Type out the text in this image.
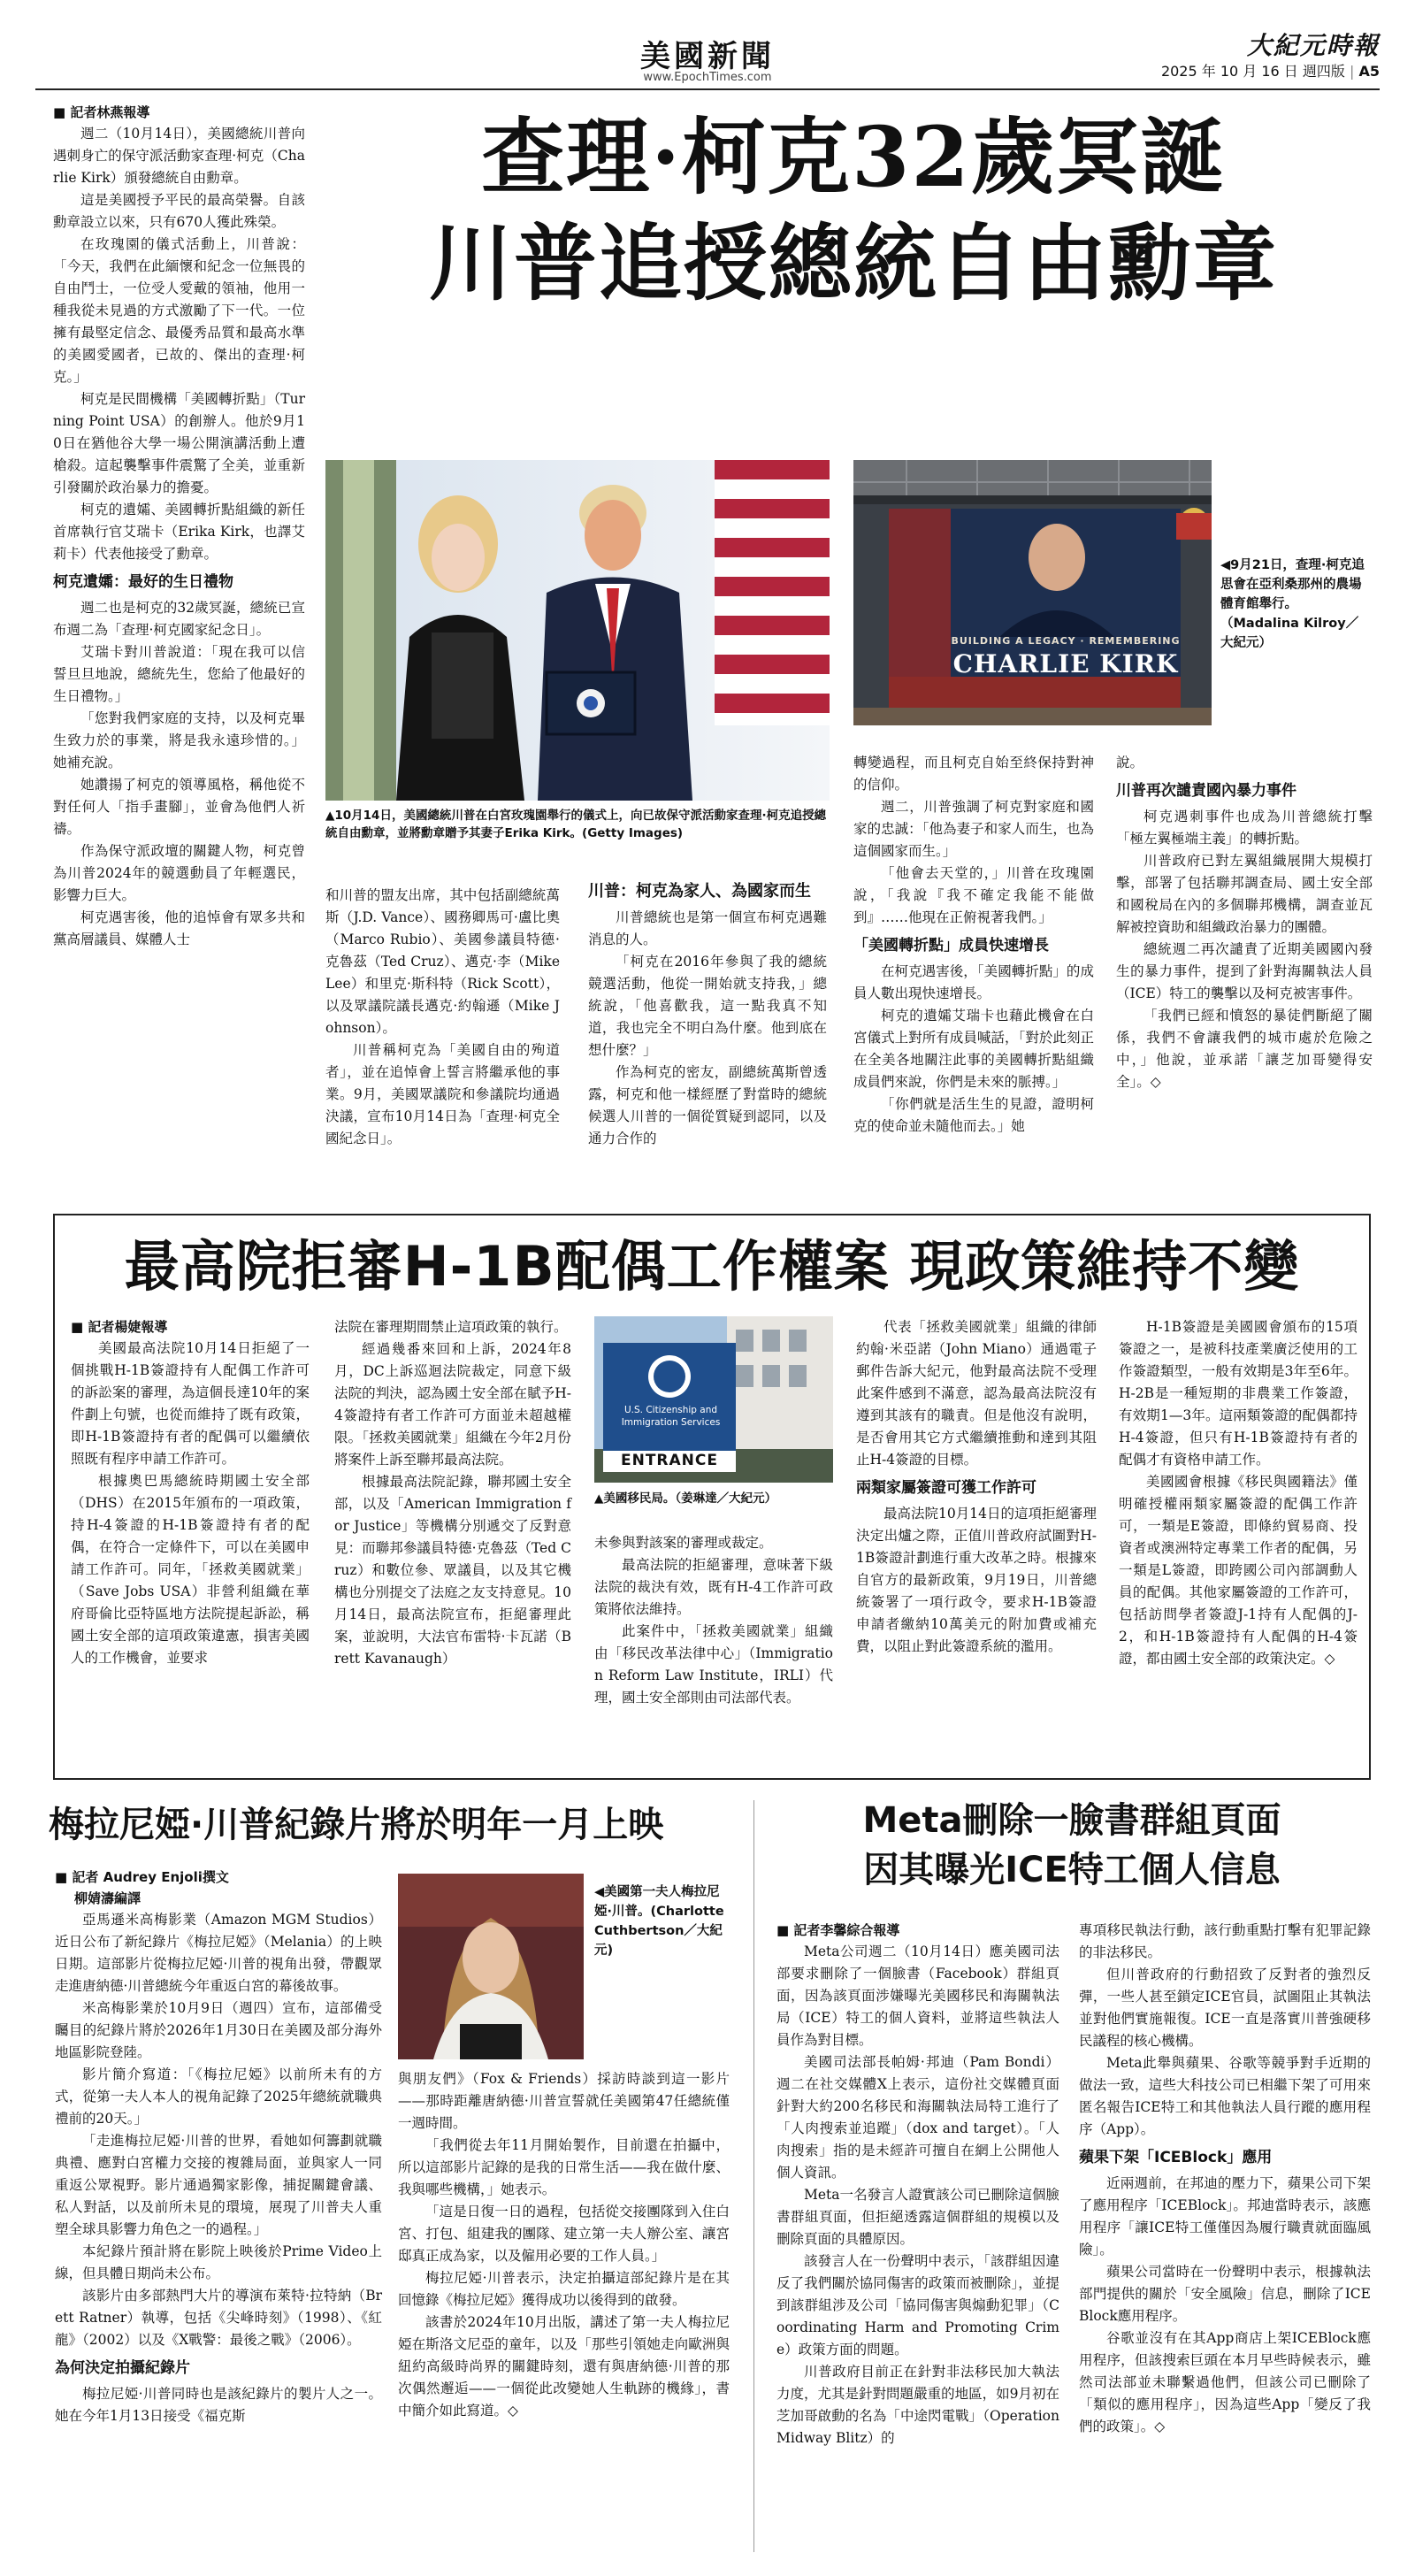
美國新聞
www.EpochTimes.com
大紀元時報
2025 年 10 月 16 日 週四版 | A5
■ 記者林燕報導

週二（10月14日），美國總統川普向遇刺身亡的保守派活動家查理·柯克（Charlie Kirk）頒發總統自由勳章。

這是美國授予平民的最高榮譽。自該勳章設立以來，只有670人獲此殊榮。

在玫瑰園的儀式活動上，川普說：「今天，我們在此緬懷和紀念一位無畏的自由鬥士，一位受人愛戴的領袖，他用一種我從未見過的方式激勵了下一代。一位擁有最堅定信念、最優秀品質和最高水準的美國愛國者，已故的、傑出的查理·柯克。」

柯克是民間機構「美國轉折點」（Turning Point USA）的創辦人。他於9月10日在猶他谷大學一場公開演講活動上遭槍殺。這起襲擊事件震驚了全美，並重新引發關於政治暴力的擔憂。

柯克的遺孀、美國轉折點組織的新任首席執行官艾瑞卡（Erika Kirk，也譯艾莉卡）代表他接受了勳章。

柯克遺孀：最好的生日禮物

週二也是柯克的32歲冥誕，總統已宣布週二為「查理·柯克國家紀念日」。

艾瑞卡對川普說道：「現在我可以信誓旦旦地說，總統先生，您給了他最好的生日禮物。」

「您對我們家庭的支持，以及柯克畢生致力於的事業，將是我永遠珍惜的。」她補充說。

她讚揚了柯克的領導風格，稱他從不對任何人「指手畫腳」，並會為他們人祈禱。

作為保守派政壇的關鍵人物，柯克曾為川普2024年的競選動員了年輕選民，影響力巨大。

柯克遇害後，他的追悼會有眾多共和黨高層議員、媒體人士

查理·柯克32歲冥誕
川普追授總統自由勳章
▲10月14日，美國總統川普在白宮玫瑰園舉行的儀式上，向已故保守派活動家查理·柯克追授總統自由勳章，並將勳章贈予其妻子Erika Kirk。(Getty Images)
BUILDING A LEGACY · REMEMBERING
CHARLIE KIRK
◀9月21日，查理·柯克追思會在亞利桑那州的農場體育館舉行。（Madalina Kilroy／大紀元）

和川普的盟友出席，其中包括副總統萬斯（J.D. Vance）、國務卿馬可·盧比奧（Marco Rubio）、美國參議員特德·克魯茲（Ted Cruz）、邁克·李（Mike Lee）和里克·斯科特（Rick Scott），以及眾議院議長邁克·約翰遜（Mike Johnson）。

川普稱柯克為「美國自由的殉道者」，並在追悼會上誓言將繼承他的事業。9月，美國眾議院和參議院均通過決議，宣布10月14日為「查理·柯克全國紀念日」。

川普：柯克為家人、為國家而生

川普總統也是第一個宣布柯克遇難消息的人。

「柯克在2016年參與了我的總統競選活動，他從一開始就支持我，」總統說，「他喜歡我，這一點我真不知道，我也完全不明白為什麼。他到底在想什麼？」

作為柯克的密友，副總統萬斯曾透露，柯克和他一樣經歷了對當時的總統候選人川普的一個從質疑到認同，以及通力合作的

轉變過程，而且柯克自始至終保持對神的信仰。

週二，川普強調了柯克對家庭和國家的忠誠：「他為妻子和家人而生，也為這個國家而生。」

「他會去天堂的，」川普在玫瑰園說，「我說『我不確定我能不能做到』……他現在正俯視著我們。」

「美國轉折點」成員快速增長

在柯克遇害後，「美國轉折點」的成員人數出現快速增長。

柯克的遺孀艾瑞卡也藉此機會在白宮儀式上對所有成員喊話，「對於此刻正在全美各地關注此事的美國轉折點組織成員們來說，你們是未來的脈搏。」

「你們就是活生生的見證，證明柯克的使命並未隨他而去。」她

說。

川普再次譴責國內暴力事件

柯克遇刺事件也成為川普總統打擊「極左翼極端主義」的轉折點。

川普政府已對左翼組織展開大規模打擊，部署了包括聯邦調查局、國土安全部和國稅局在內的多個聯邦機構，調查並瓦解被控資助和組織政治暴力的團體。

總統週二再次譴責了近期美國國內發生的暴力事件，提到了針對海關執法人員（ICE）特工的襲擊以及柯克被害事件。

「我們已經和憤怒的暴徒們斷絕了關係，我們不會讓我們的城市處於危險之中，」他說，並承諾「讓芝加哥變得安全」。◇

最高院拒審H-1B配偶工作權案 現政策維持不變
■ 記者楊婕報導

美國最高法院10月14日拒絕了一個挑戰H-1B簽證持有人配偶工作許可的訴訟案的審理，為這個長達10年的案件劃上句號，也從而維持了既有政策，即H-1B簽證持有者的配偶可以繼續依照既有程序申請工作許可。

根據奧巴馬總統時期國土安全部（DHS）在2015年頒布的一項政策，持H-4簽證的H-1B簽證持有者的配偶，在符合一定條件下，可以在美國申請工作許可。同年，「拯救美國就業」（Save Jobs USA）非營利組織在華府哥倫比亞特區地方法院提起訴訟，稱國土安全部的這項政策違憲，損害美國人的工作機會，並要求

法院在審理期間禁止這項政策的執行。

經過幾番來回和上訴，2024年8月，DC上訴巡迴法院裁定，同意下級法院的判決，認為國土安全部在賦予H-4簽證持有者工作許可方面並未超越權限。「拯救美國就業」組織在今年2月份將案件上訴至聯邦最高法院。

根據最高法院記錄，聯邦國土安全部，以及「American Immigration for Justice」等機構分別遞交了反對意見：而聯邦參議員特德·克魯茲（Ted Cruz）和數位參、眾議員，以及其它機構也分別提交了法庭之友支持意見。10月14日，最高法院宣布，拒絕審理此案，並說明，大法官布雷特·卡瓦諾（Brett Kavanaugh）

U.S. Citizenship and
Immigration Services
ENTRANCE
▲美國移民局。（姜琳達／大紀元）

未參與對該案的審理或裁定。

最高法院的拒絕審理，意味著下級法院的裁決有效，既有H-4工作許可政策將依法維持。

此案件中，「拯救美國就業」組織由「移民改革法律中心」（Immigration Reform Law Institute，IRLI）代理，國土安全部則由司法部代表。

代表「拯救美國就業」組織的律師約翰·米亞諾（John Miano）通過電子郵件告訴大紀元，他對最高法院不受理此案件感到不滿意，認為最高法院沒有遵到其該有的職責。但是他沒有說明，是否會用其它方式繼續推動和達到其阻止H-4簽證的目標。

兩類家屬簽證可獲工作許可

最高法院10月14日的這項拒絕審理決定出爐之際，正值川普政府試圖對H-1B簽證計劃進行重大改革之時。根據來自官方的最新政策，9月19日，川普總統簽署了一項行政令，要求H-1B簽證申請者繳納10萬美元的附加費或補充費，以阻止對此簽證系統的濫用。

H-1B簽證是美國國會頒布的15項簽證之一，是被科技產業廣泛使用的工作簽證類型，一般有效期是3年至6年。H-2B是一種短期的非農業工作簽證，有效期1—3年。這兩類簽證的配偶都持H-4簽證，但只有H-1B簽證持有者的配偶才有資格申請工作。

美國國會根據《移民與國籍法》僅明確授權兩類家屬簽證的配偶工作許可，一類是E簽證，即條約貿易商、投資者或澳洲特定專業工作者的配偶，另一類是L簽證，即跨國公司內部調動人員的配偶。其他家屬簽證的工作許可，包括訪問學者簽證J-1持有人配偶的J-2，和H-1B簽證持有人配偶的H-4簽證，都由國土安全部的政策決定。◇

梅拉尼婭·川普紀錄片將於明年一月上映
■ 記者 Audrey Enjoli撰文
柳婧濤編譯

亞馬遜米高梅影業（Amazon MGM Studios）近日公布了新紀錄片《梅拉尼婭》（Melania）的上映日期。這部影片從梅拉尼婭·川普的視角出發，帶觀眾走進唐納德·川普總統今年重返白宮的幕後故事。

米高梅影業於10月9日（週四）宣布，這部備受矚目的紀錄片將於2026年1月30日在美國及部分海外地區影院登陸。

影片簡介寫道：「《梅拉尼婭》以前所未有的方式，從第一夫人本人的視角記錄了2025年總統就職典禮前的20天。」

「走進梅拉尼婭·川普的世界，看她如何籌劃就職典禮、應對白宮權力交接的複雜局面，並與家人一同重返公眾視野。影片通過獨家影像，捕捉關鍵會議、私人對話，以及前所未見的環境，展現了川普夫人重塑全球具影響力角色之一的過程。」

本紀錄片預計將在影院上映後於Prime Video上線，但具體日期尚未公布。

該影片由多部熱門大片的導演布萊特·拉特納（Brett Ratner）執導，包括《尖峰時刻》（1998）、《紅龍》（2002）以及《X戰警：最後之戰》（2006）。

為何決定拍攝紀錄片

梅拉尼婭·川普同時也是該紀錄片的製片人之一。她在今年1月13日接受《福克斯

◀美國第一夫人梅拉尼婭·川普。(Charlotte Cuthbertson／大紀元)

與朋友們》（Fox & Friends）採訪時談到這一影片——那時距離唐納德·川普宣誓就任美國第47任總統僅一週時間。

「我們從去年11月開始製作，目前還在拍攝中，所以這部影片記錄的是我的日常生活——我在做什麼、我與哪些機構，」她表示。

「這是日復一日的過程，包括從交接團隊到入住白宮、打包、組建我的團隊、建立第一夫人辦公室、讓宮邸真正成為家，以及僱用必要的工作人員。」

梅拉尼婭·川普表示，決定拍攝這部紀錄片是在其回憶錄《梅拉尼婭》獲得成功以後得到的啟發。

該書於2024年10月出版，講述了第一夫人梅拉尼婭在斯洛文尼亞的童年，以及「那些引領她走向歐洲與紐約高級時尚界的關鍵時刻，還有與唐納德·川普的那次偶然邂逅——一個從此改變她人生軌跡的機緣」，書中簡介如此寫道。◇

Meta刪除一臉書群組頁面
因其曝光ICE特工個人信息
■ 記者李馨綜合報導

Meta公司週二（10月14日）應美國司法部要求刪除了一個臉書（Facebook）群組頁面，因為該頁面涉嫌曝光美國移民和海關執法局（ICE）特工的個人資料，並將這些執法人員作為對目標。

美國司法部長帕姆·邦迪（Pam Bondi）週二在社交媒體X上表示，這份社交媒體頁面針對大約200名移民和海關執法局特工進行了「人肉搜索並追蹤」（dox and target）。「人肉搜索」指的是未經許可擅自在網上公開他人個人資訊。

Meta一名發言人證實該公司已刪除這個臉書群組頁面，但拒絕透露這個群組的規模以及刪除頁面的具體原因。

該發言人在一份聲明中表示，「該群組因違反了我們關於協同傷害的政策而被刪除」，並提到該群組涉及公司「協同傷害與煽動犯罪」（Coordinating Harm and Promoting Crime）政策方面的問題。

川普政府目前正在針對非法移民加大執法力度，尤其是針對問題嚴重的地區，如9月初在芝加哥啟動的名為「中途閃電戰」（Operation Midway Blitz）的

專項移民執法行動，該行動重點打擊有犯罪記錄的非法移民。

但川普政府的行動招致了反對者的強烈反彈，一些人甚至鎖定ICE官員，試圖阻止其執法並對他們實施報復。ICE一直是落實川普強硬移民議程的核心機構。

Meta此舉與蘋果、谷歌等競爭對手近期的做法一致，這些大科技公司已相繼下架了可用來匿名報告ICE特工和其他執法人員行蹤的應用程序（App）。

蘋果下架「ICEBlock」應用

近兩週前，在邦迪的壓力下，蘋果公司下架了應用程序「ICEBlock」。邦迪當時表示，該應用程序「讓ICE特工僅僅因為履行職責就面臨風險」。

蘋果公司當時在一份聲明中表示，根據執法部門提供的關於「安全風險」信息，刪除了ICEBlock應用程序。

谷歌並沒有在其App商店上架ICEBlock應用程序，但該搜索巨頭在本月早些時候表示，雖然司法部並未聯繫過他們，但該公司已刪除了「類似的應用程序」，因為這些App「變反了我們的政策」。◇
